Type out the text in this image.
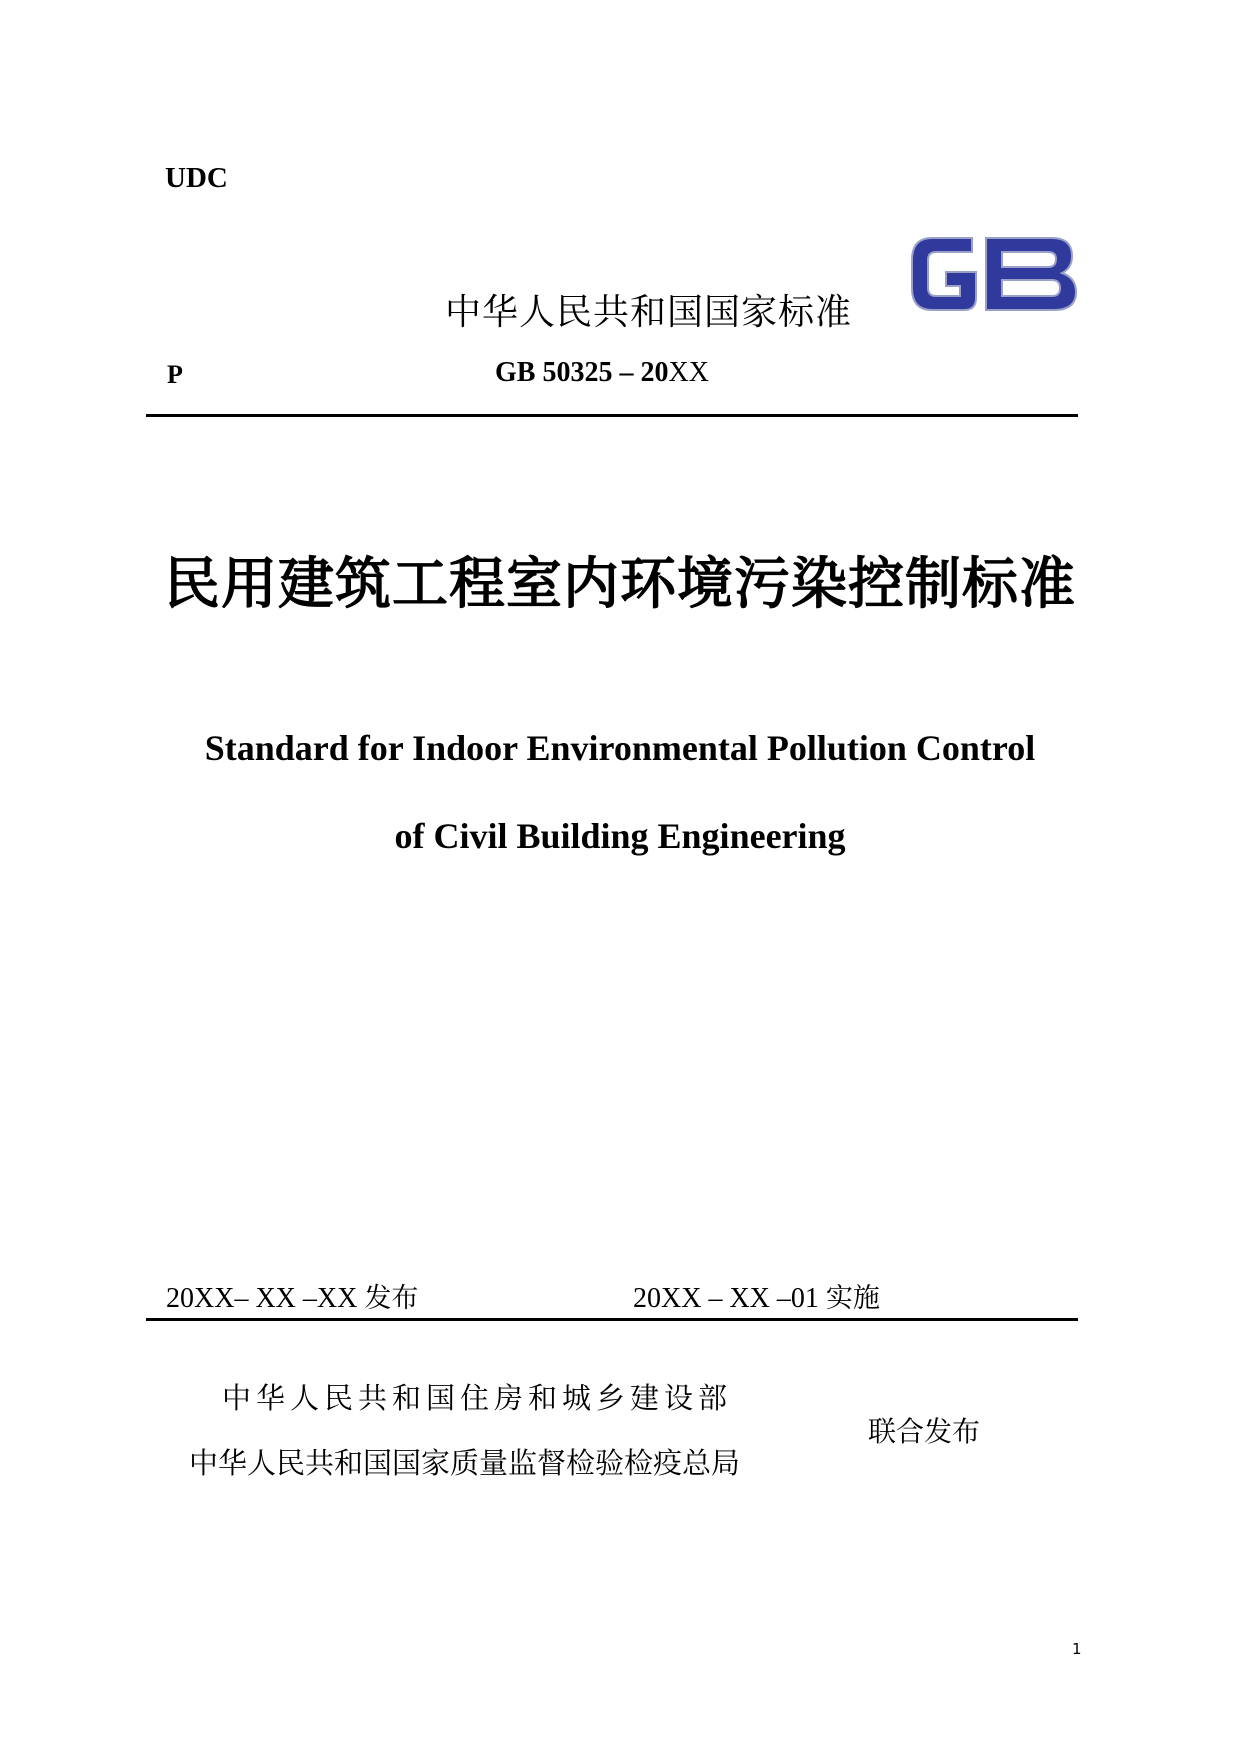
UDC
中华人民共和国国家标准
P	GB 50325 – 20XX
民用建筑工程室内环境污染控制标准
Standard for Indoor Environmental Pollution Control
of Civil Building Engineering
20XX– XX –XX 发布	20XX – XX –01 实施
中华人民共和国住房和城乡建设部
中华人民共和国国家质量监督检验检疫总局
联合发布
1
